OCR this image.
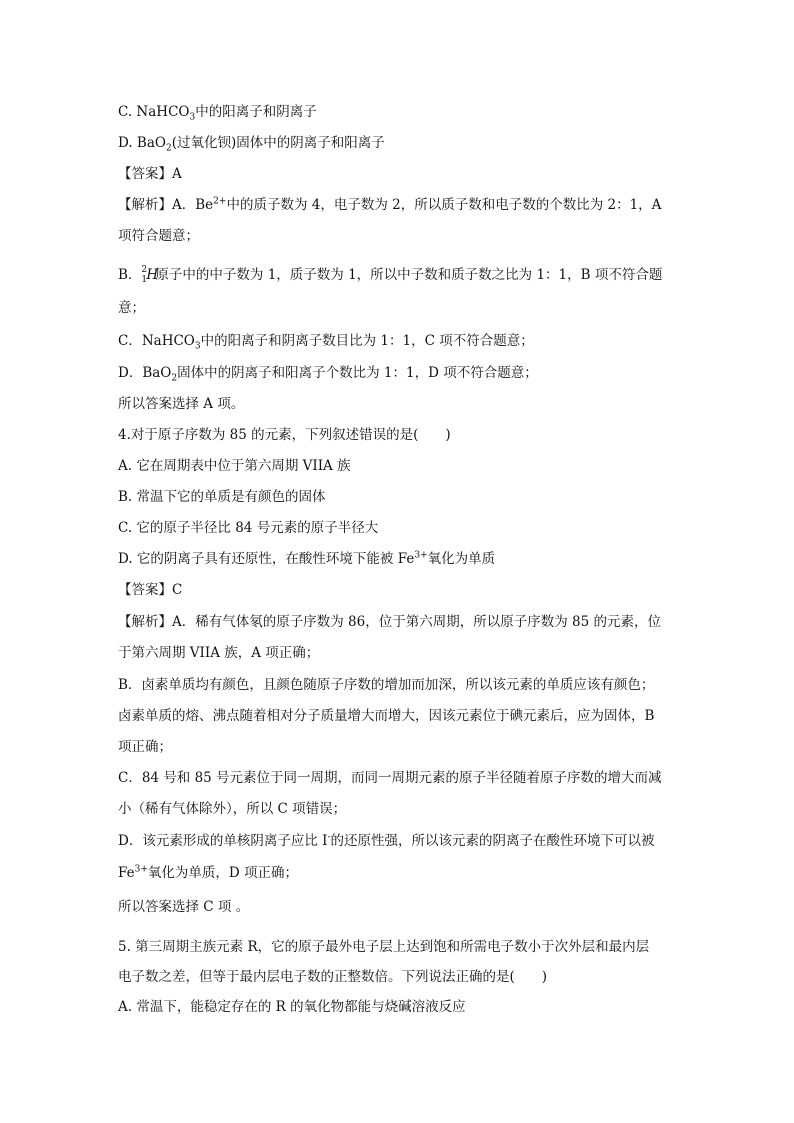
C. NaHCO$_3$中的阳离子和阴离子
D. BaO$_2$(过氧化钡)固体中的阴离子和阳离子
【答案】A
【解析】A．$Be^{2+}$中的质子数为 4，电子数为 2，所以质子数和电子数的个数比为 2：1，A
项符合题意；
B． 2
1 H
原子中的中子数为 1，质子数为 1，所以中子数和质子数之比为 1：1，B 项不符合题
意；
C．NaHCO$_3$中的阳离子和阴离子数目比为 1：1，C 项不符合题意；
D．BaO$_2$固体中的阴离子和阳离子个数比为 1：1，D 项不符合题意；
所以答案选择 A 项。
4.对于原子序数为 85 的元素，下列叙述错误的是(　　)
A. 它在周期表中位于第六周期 VIIA 族
B. 常温下它的单质是有颜色的固体
C. 它的原子半径比 84 号元素的原子半径大
D. 它的阴离子具有还原性，在酸性环境下能被 $Fe^{3+}$氧化为单质
【答案】C
【解析】A．稀有气体氡的原子序数为 86，位于第六周期，所以原子序数为 85 的元素，位
于第六周期 VIIA 族，A 项正确；
B．卤素单质均有颜色，且颜色随原子序数的增加而加深，所以该元素的单质应该有颜色；
卤素单质的熔、沸点随着相对分子质量增大而增大，因该元素位于碘元素后，应为固体，B
项正确；
C．84 号和 85 号元素位于同一周期，而同一周期元素的原子半径随着原子序数的增大而减
小（稀有气体除外），所以 C 项错误；
D．该元素形成的单核阴离子应比 I-的还原性强，所以该元素的阴离子在酸性环境下可以被
$Fe^{3+}$氧化为单质，D 项正确；
所以答案选择 C 项 。
5. 第三周期主族元素 R，它的原子最外电子层上达到饱和所需电子数小于次外层和最内层
电子数之差，但等于最内层电子数的正整数倍。下列说法正确的是(　　)
A. 常温下，能稳定存在的 R 的氧化物都能与烧碱溶液反应
